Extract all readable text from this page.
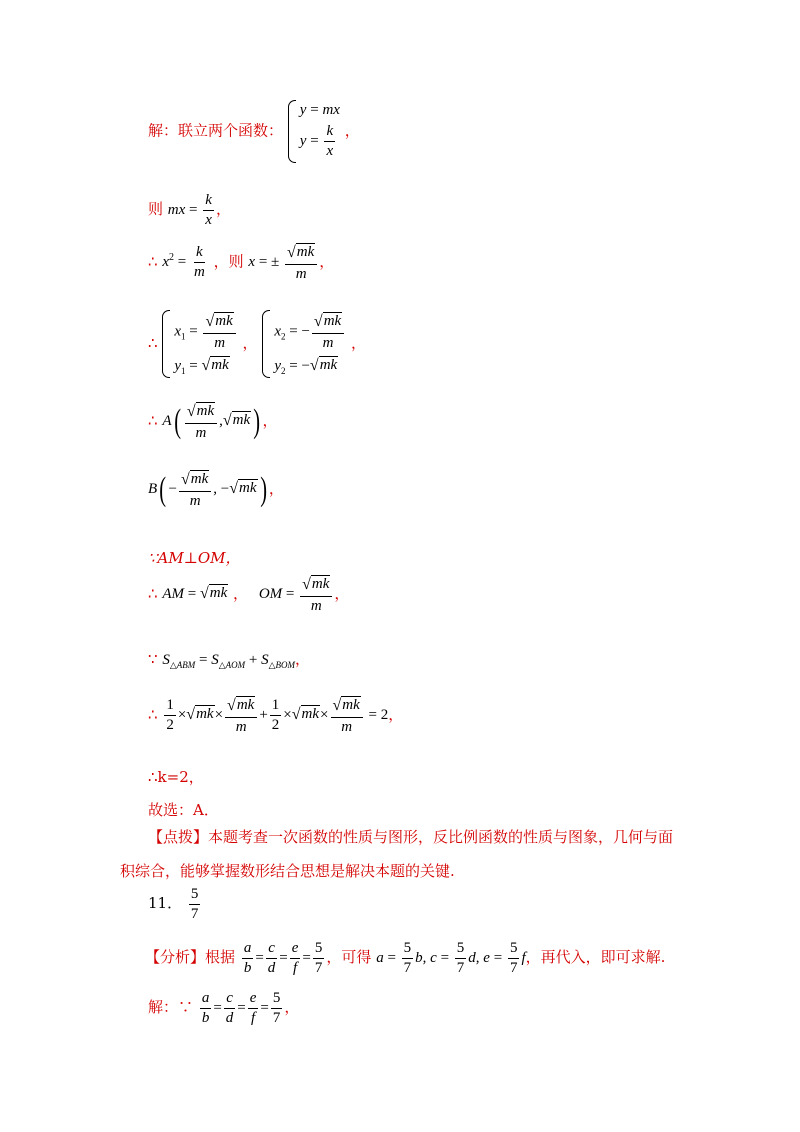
解：联立两个函数：
y = mx
$y = \frac{k}{x}$ ，
则 mx = $\frac{k}{x}$ ，
∴ $x^2 = \frac{k}{m}$ ，则 x = ± $\frac{√ mk}{m}$ ，
∴
$x_1 = \frac{√ mk}{m}$
$y_1$ = √ mk
，
$x_2$ = − $\frac{√ mk}{m}$
$y_2$ = − √ mk
，
∴ $A( \frac{√ mk}{m}$ , √ mk ) ，
$B( - \frac{√ mk}{m}$ , − √ mk ) ，
∵AM⊥OM，
∴ AM = √ mk ， OM = $\frac{√ mk}{m}$ ，
∵ $S_{\triangle ABM} = S_{\triangle AOM} + S_{\triangle BOM}$，
∴ $\frac{1}{2}$ × √ mk × $\frac{√ mk}{m} + \frac{1}{2}$ × √ mk × $\frac{√ mk}{m} = 2$，
∴k=2，
故选：A．
【点拨】本题考查一次函数的性质与图形，反比例函数的性质与图象，几何与面积综合，能够掌握数形结合思想是解决本题的关键.
11． $\frac{5}{7}$
【分析】根据 $\frac{a}{b} = \frac{c}{d} = \frac{e}{f} = \frac{5}{7}$ ，可得 $a = \frac{5}{7} b$, $c = \frac{5}{7} d$, $e = \frac{5}{7}$ f，再代入，即可求解.
解：∵ $\frac{a}{b} = \frac{c}{d} = \frac{e}{f} = \frac{5}{7}$ ，
